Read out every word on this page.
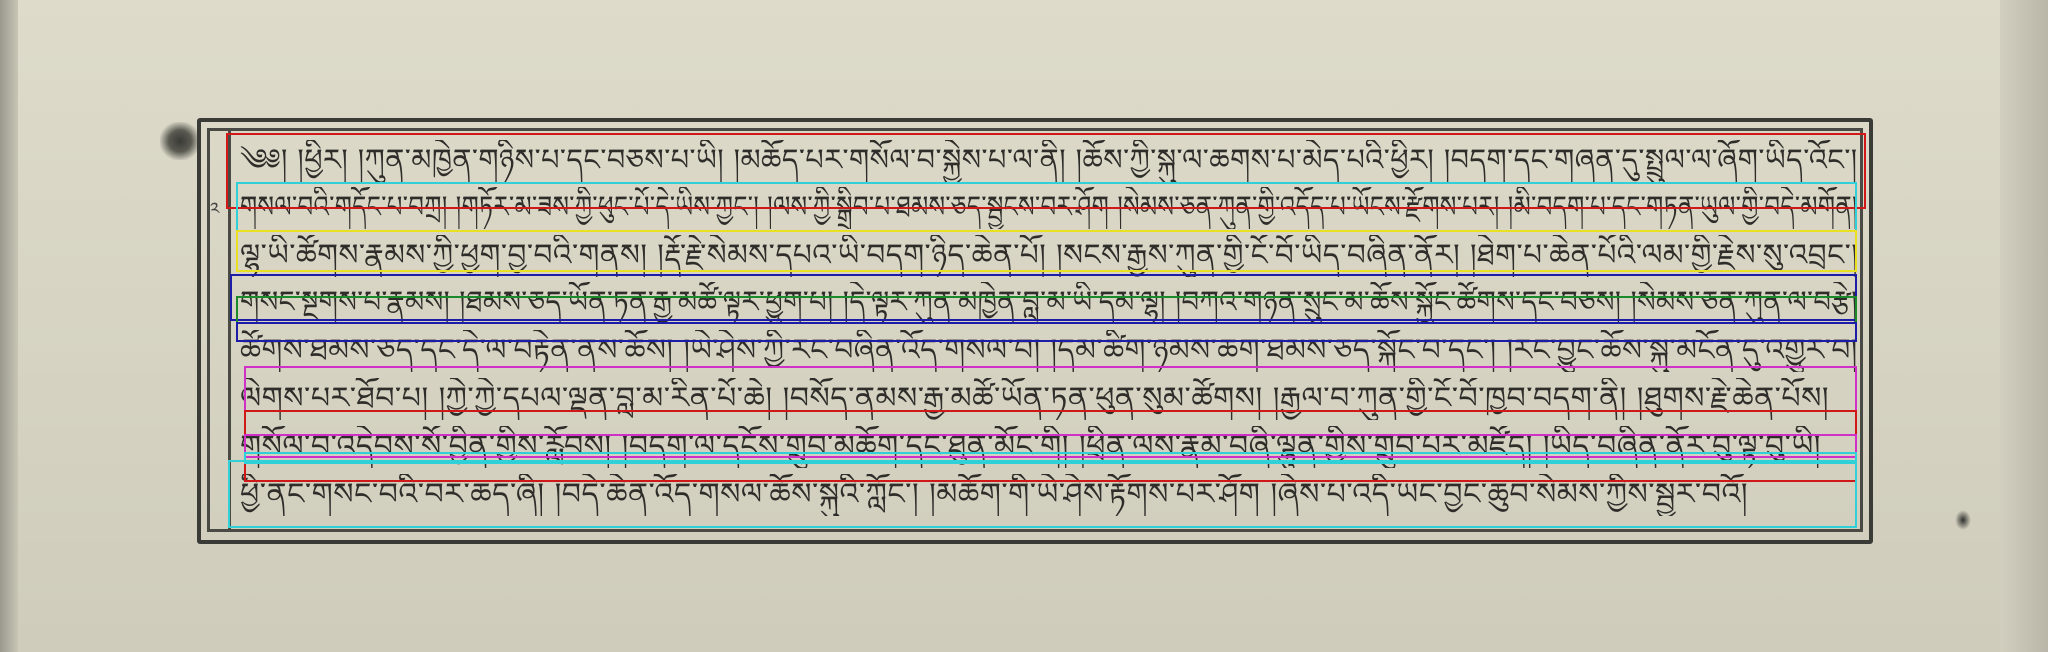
༢
༄༅། །ཕྱིར། །ཀུན་མཁྱེན་གཉིས་པ་དང་བཅས་པ་ཡི། །མཆོད་པར་གསོལ་བ་སྐྱེས་པ་ལ་ནི། །ཆོས་ཀྱི་སྐུ་ལ་ཆགས་པ་མེད་པའི་ཕྱིར། །བདག་དང་གཞན་དུ་སྤྲུལ་ལ་ཞོག་ཡིད་འོང་།
གསལ་བའི་གདོང་པ་བཀྲ། །གཏོར་མ་ཟས་ཀྱི་ཕུང་པོ་དེ་ཡིས་ཀྱང་། །ལས་ཀྱི་སྒྲིབ་པ་ཐམས་ཅད་སྦྱངས་བར་ཤོག །སེམས་ཅན་ཀུན་གྱི་འདོད་པ་ཡོངས་རྫོགས་པར། །མི་བདག་པ་དང་གཏན་ཡུལ་གྱི་བདེ་མགོན།
ལྷ་ཡི་ཚོགས་རྣམས་ཀྱི་ཕྱག་བྱ་བའི་གནས། །རྡོ་རྗེ་སེམས་དཔའ་ཡི་བདག་ཉིད་ཆེན་པོ། །སངས་རྒྱས་ཀུན་གྱི་ངོ་བོ་ཡིད་བཞིན་ནོར། །ཐེག་པ་ཆེན་པོའི་ལམ་གྱི་རྗེས་སུ་འབྲང་།
གསང་སྔགས་པ་རྣམས། །ཐམས་ཅད་ཡོན་ཏན་རྒྱ་མཚོ་ལྟར་ཕྱུག་པ། །དེ་ལྟར་ཀུན་མཁྱེན་བླ་མ་ཡི་དམ་ལྷ། །བཀའ་གཉན་སྲུང་མ་ཆོས་སྐྱོང་ཚོགས་དང་བཅས། །སེམས་ཅན་ཀུན་ལ་བརྩེ།
ཚོགས་ཐམས་ཅད་དང་དེ་ལ་བརྟེན་ནས་ཆོས། །ཡེ་ཤེས་ཀྱི་རང་བཞིན་འོད་གསལ་བ། །དམ་ཚིག་ཉམས་ཆག་ཐམས་ཅད་སྐོང་བ་དང་། །རང་བྱུང་ཆོས་སྐུ་མངོན་དུ་འགྱུར་བ།
ལེགས་པར་ཐོབ་པ། །ཀྱེ་ཀྱེ་དཔལ་ལྡན་བླ་མ་རིན་པོ་ཆེ། །བསོད་ནམས་རྒྱ་མཚོ་ཡོན་ཏན་ཕུན་སུམ་ཚོགས། །རྒྱལ་བ་ཀུན་གྱི་ངོ་བོ་ཁྱབ་བདག་ནི། །ཐུགས་རྗེ་ཆེན་པོས།
གསོལ་བ་འདེབས་སོ་བྱིན་གྱིས་རློབས། །བདག་ལ་དངོས་གྲུབ་མཆོག་དང་ཐུན་མོང་གི། །ཕྲིན་ལས་རྣམ་བཞི་ལྷུན་གྱིས་གྲུབ་པར་མཛོད། །ཡིད་བཞིན་ནོར་བུ་ལྟ་བུ་ཡི།
ཕྱི་ནང་གསང་བའི་བར་ཆད་ཞི། །བདེ་ཆེན་འོད་གསལ་ཆོས་སྐུའི་ཀློང་། །མཆོག་གི་ཡེ་ཤེས་རྟོགས་པར་ཤོག །ཞེས་པ་འདི་ཡང་བྱང་ཆུབ་སེམས་ཀྱིས་སྦྱར་བའོ།
